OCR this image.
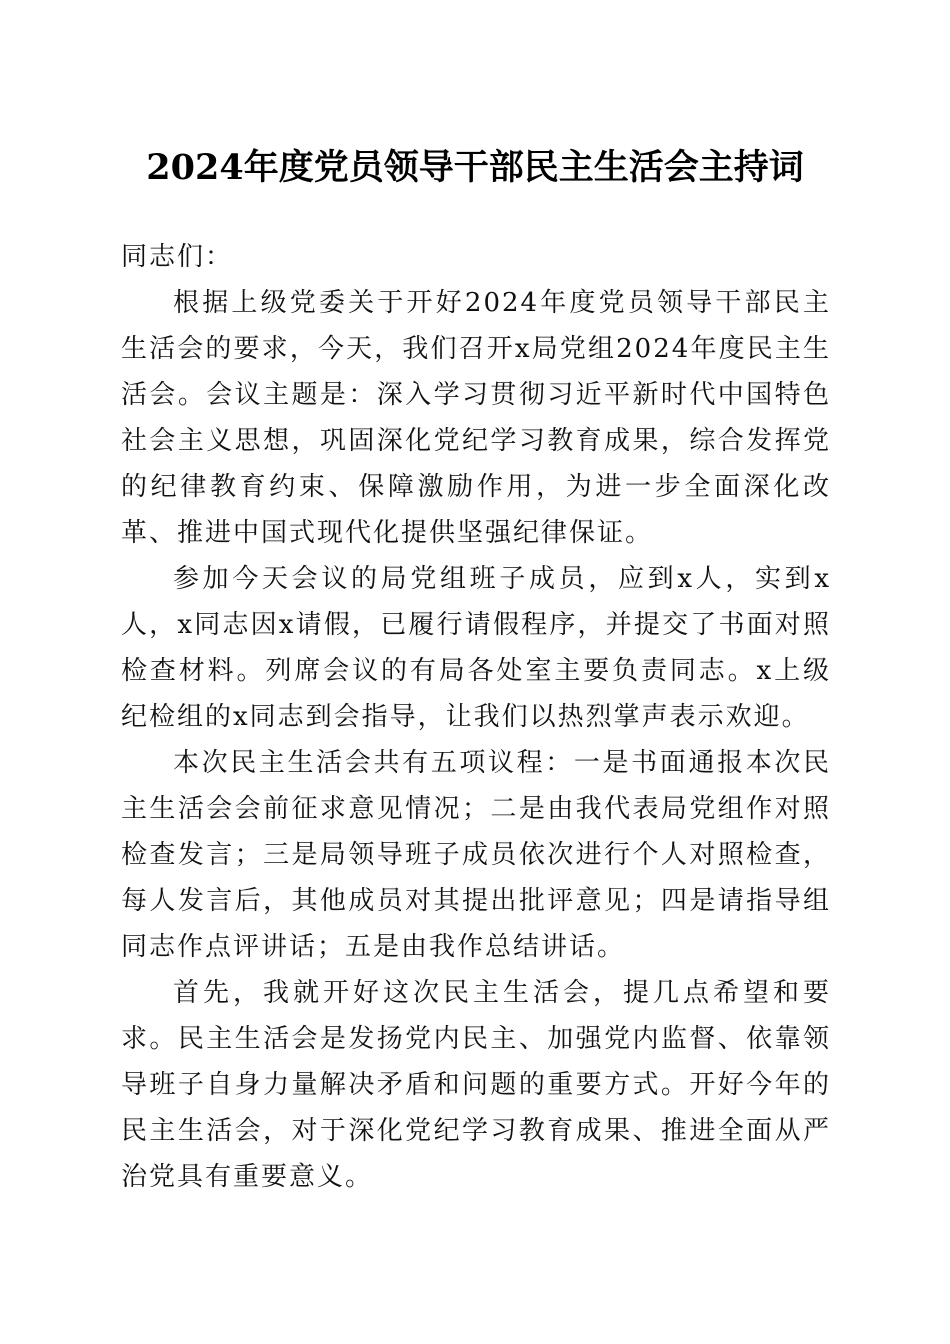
2024年度党员领导干部民主生活会主持词

同志们：

根据上级党委关于开好2024年度党员领导干部民主生活会的要求，今天，我们召开x局党组2024年度民主生活会。会议主题是：深入学习贯彻习近平新时代中国特色社会主义思想，巩固深化党纪学习教育成果，综合发挥党的纪律教育约束、保障激励作用，为进一步全面深化改革、推进中国式现代化提供坚强纪律保证。

参加今天会议的局党组班子成员，应到x人，实到x人，x同志因x请假，已履行请假程序，并提交了书面对照检查材料。列席会议的有局各处室主要负责同志。x上级纪检组的x同志到会指导，让我们以热烈掌声表示欢迎。

本次民主生活会共有五项议程：一是书面通报本次民主生活会会前征求意见情况；二是由我代表局党组作对照检查发言；三是局领导班子成员依次进行个人对照检查，每人发言后，其他成员对其提出批评意见；四是请指导组同志作点评讲话；五是由我作总结讲话。

首先，我就开好这次民主生活会，提几点希望和要求。民主生活会是发扬党内民主、加强党内监督、依靠领导班子自身力量解决矛盾和问题的重要方式。开好今年的民主生活会，对于深化党纪学习教育成果、推进全面从严治党具有重要意义。
